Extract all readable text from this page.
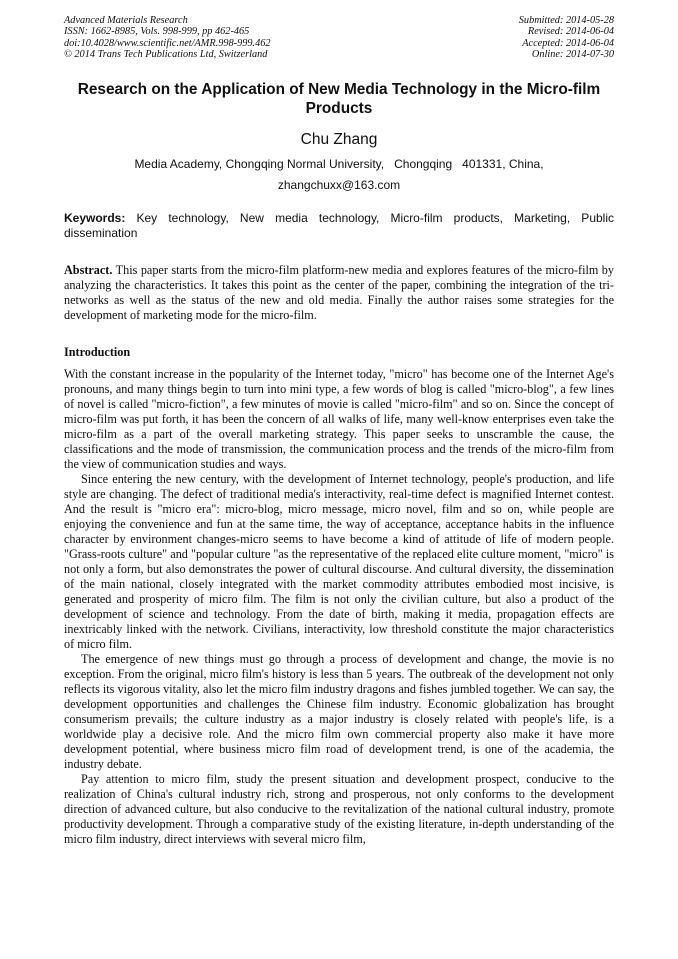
Advanced Materials Research
ISSN: 1662-8985, Vols. 998-999, pp 462-465
doi:10.4028/www.scientific.net/AMR.998-999.462
© 2014 Trans Tech Publications Ltd, Switzerland
Submitted: 2014-05-28
Revised: 2014-06-04
Accepted: 2014-06-04
Online: 2014-07-30
Research on the Application of New Media Technology in the Micro-film Products
Chu Zhang
Media Academy, Chongqing Normal University,   Chongqing   401331, China,
zhangchuxx@163.com
Keywords: Key technology, New media technology, Micro-film products, Marketing, Public dissemination
Abstract. This paper starts from the micro-film platform-new media and explores features of the micro-film by analyzing the characteristics. It takes this point as the center of the paper, combining the integration of the tri-networks as well as the status of the new and old media. Finally the author raises some strategies for the development of marketing mode for the micro-film.
Introduction

With the constant increase in the popularity of the Internet today, "micro" has become one of the Internet Age's pronouns, and many things begin to turn into mini type, a few words of blog is called "micro-blog", a few lines of novel is called "micro-fiction", a few minutes of movie is called "micro-film" and so on. Since the concept of micro-film was put forth, it has been the concern of all walks of life, many well-know enterprises even take the micro-film as a part of the overall marketing strategy. This paper seeks to unscramble the cause, the classifications and the mode of transmission, the communication process and the trends of the micro-film from the view of communication studies and ways.

Since entering the new century, with the development of Internet technology, people's production, and life style are changing. The defect of traditional media's interactivity, real-time defect is magnified Internet contest. And the result is "micro era": micro-blog, micro message, micro novel, film and so on, while people are enjoying the convenience and fun at the same time, the way of acceptance, acceptance habits in the influence character by environment changes-micro seems to have become a kind of attitude of life of modern people. "Grass-roots culture" and "popular culture "as the representative of the replaced elite culture moment, "micro" is not only a form, but also demonstrates the power of cultural discourse. And cultural diversity, the dissemination of the main national, closely integrated with the market commodity attributes embodied most incisive, is generated and prosperity of micro film. The film is not only the civilian culture, but also a product of the development of science and technology. From the date of birth, making it media, propagation effects are inextricably linked with the network. Civilians, interactivity, low threshold constitute the major characteristics of micro film.

The emergence of new things must go through a process of development and change, the movie is no exception. From the original, micro film's history is less than 5 years. The outbreak of the development not only reflects its vigorous vitality, also let the micro film industry dragons and fishes jumbled together. We can say, the development opportunities and challenges the Chinese film industry. Economic globalization has brought consumerism prevails; the culture industry as a major industry is closely related with people's life, is a worldwide play a decisive role. And the micro film own commercial property also make it have more development potential, where business micro film road of development trend, is one of the academia, the industry debate.

Pay attention to micro film, study the present situation and development prospect, conducive to the realization of China's cultural industry rich, strong and prosperous, not only conforms to the development direction of advanced culture, but also conducive to the revitalization of the national cultural industry, promote productivity development. Through a comparative study of the existing literature, in-depth understanding of the micro film industry, direct interviews with several micro film,
